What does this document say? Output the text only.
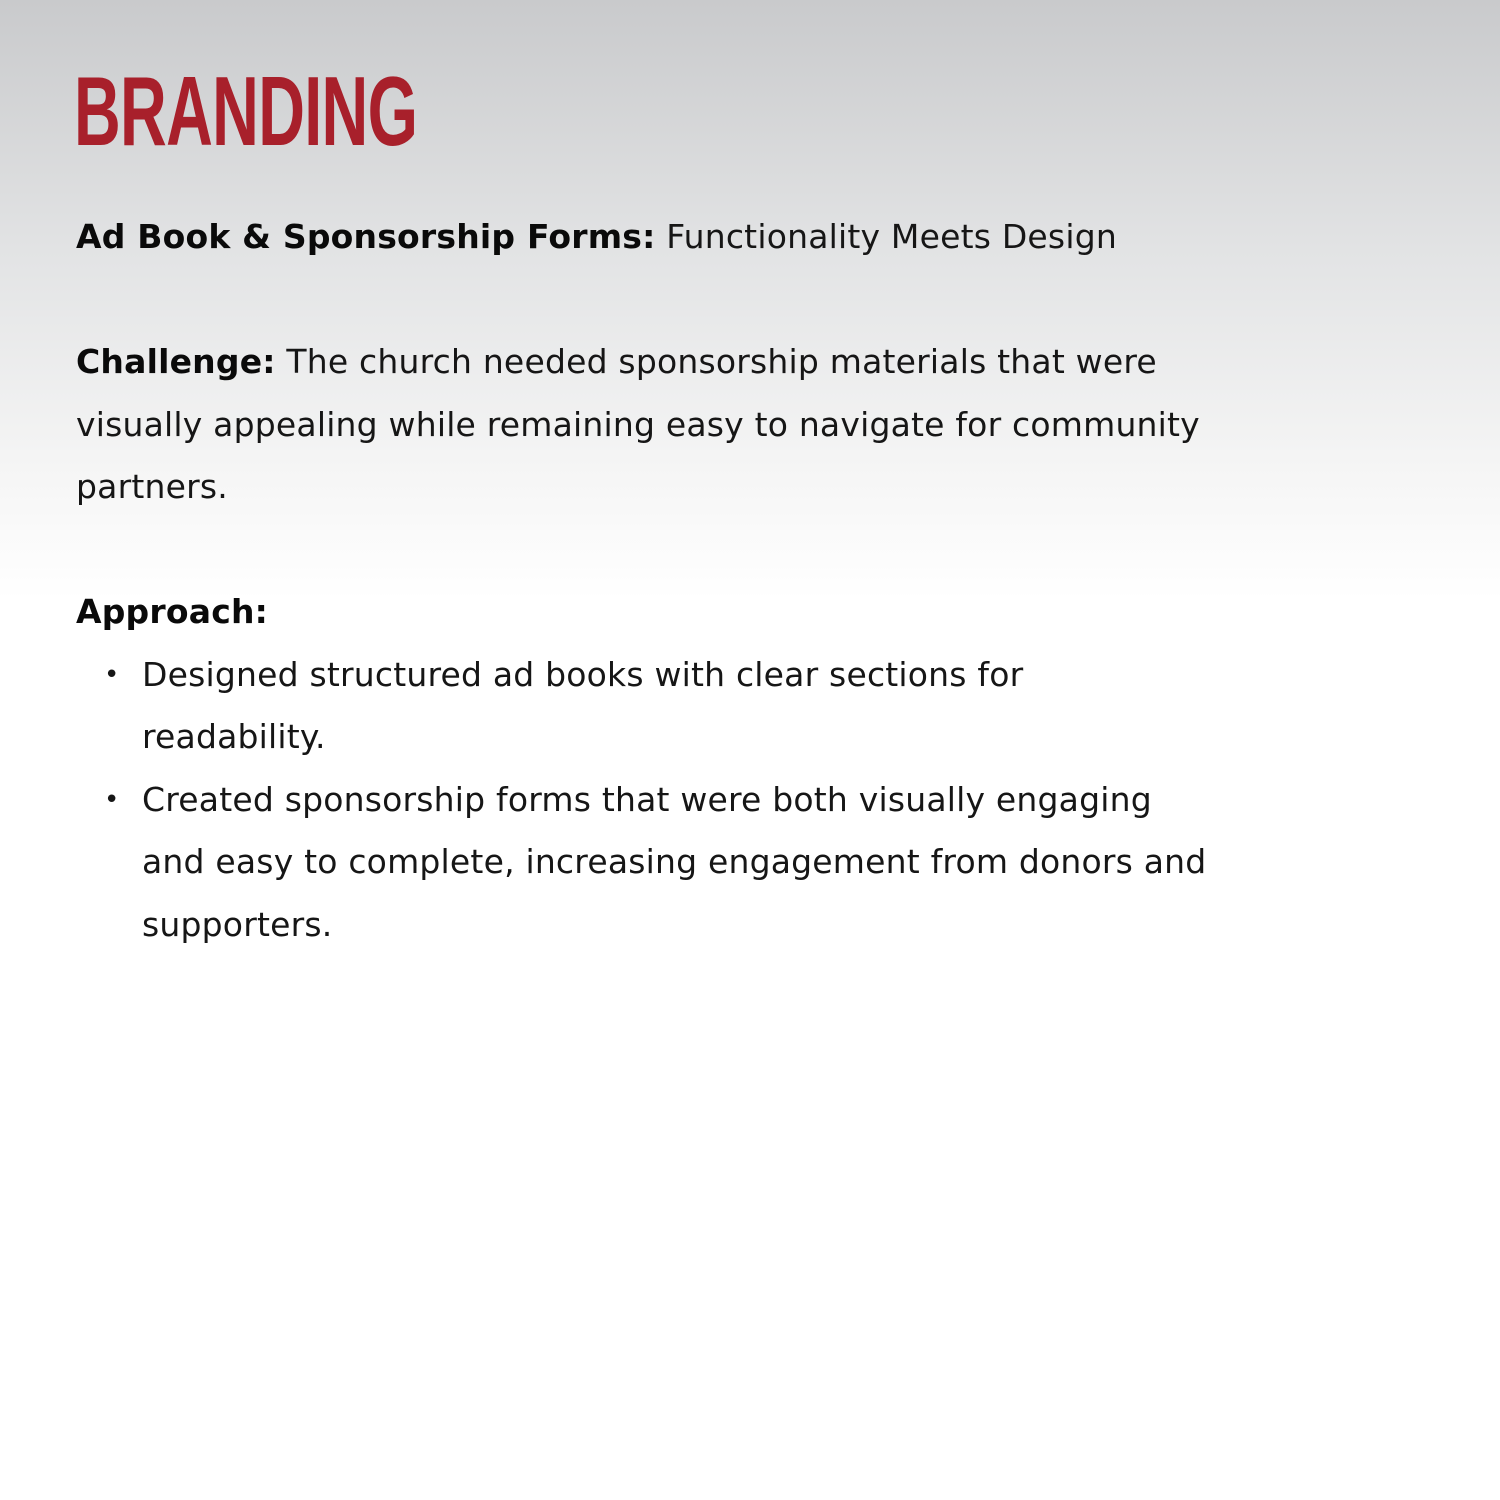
BRANDING

Ad Book & Sponsorship Forms: Functionality Meets Design

Challenge: The church needed sponsorship materials that were visually appealing while remaining easy to navigate for community partners.

Approach:

• Designed structured ad books with clear sections for readability.
• Created sponsorship forms that were both visually engaging and easy to complete, increasing engagement from donors and supporters.
